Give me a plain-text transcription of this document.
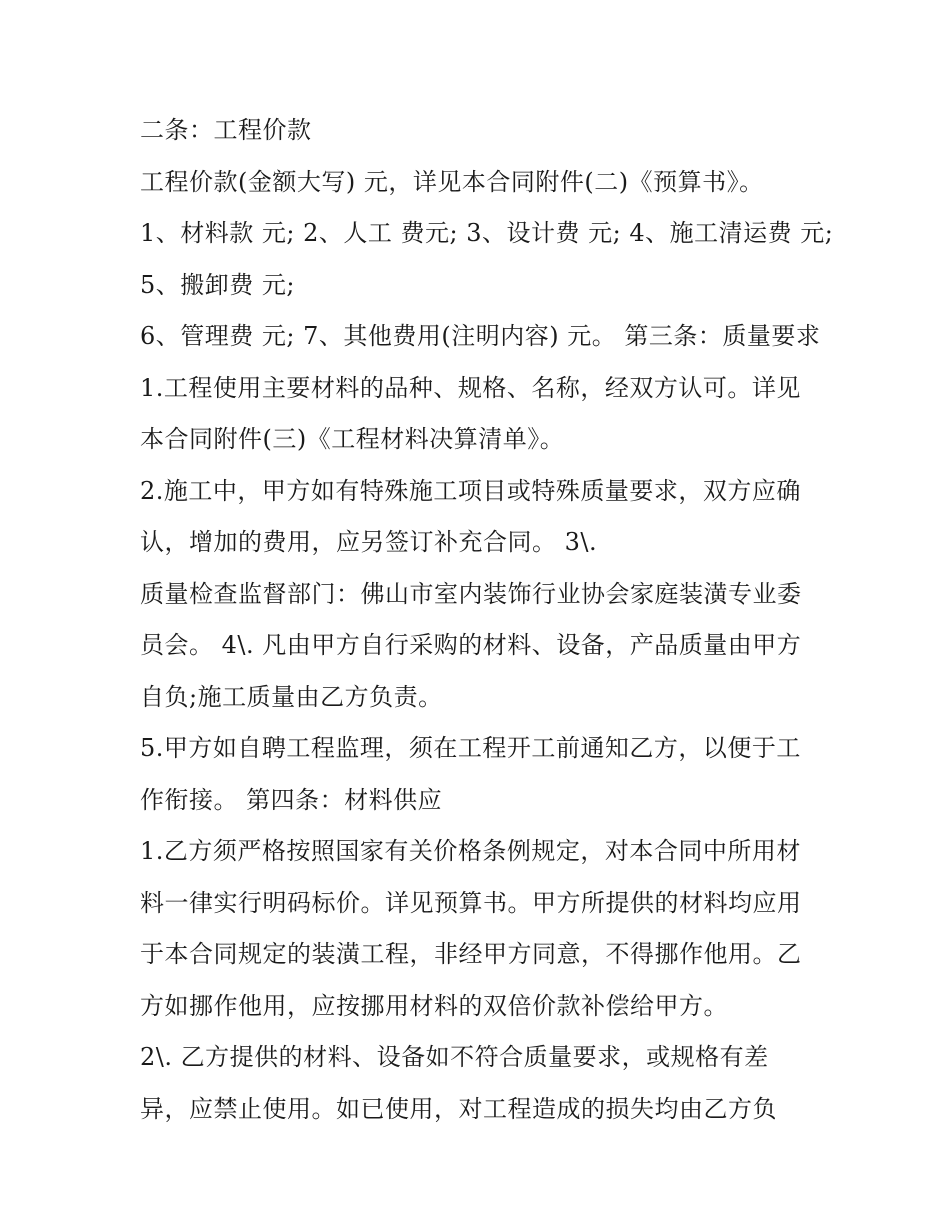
二条：工程价款
工程价款(金额大写) 元，详见本合同附件(二)《预算书》。
1、材料款 元; 2、人工 费元; 3、设计费 元; 4、施工清运费 元;
5、搬卸费 元;
6、管理费 元; 7、其他费用(注明内容) 元。 第三条：质量要求
1.工程使用主要材料的品种、规格、名称，经双方认可。详见
本合同附件(三)《工程材料决算清单》。
2.施工中，甲方如有特殊施工项目或特殊质量要求，双方应确
认，增加的费用，应另签订补充合同。 3\.
质量检查监督部门：佛山市室内装饰行业协会家庭装潢专业委
员会。 4\. 凡由甲方自行采购的材料、设备，产品质量由甲方
自负;施工质量由乙方负责。
5.甲方如自聘工程监理，须在工程开工前通知乙方，以便于工
作衔接。 第四条：材料供应
1.乙方须严格按照国家有关价格条例规定，对本合同中所用材
料一律实行明码标价。详见预算书。甲方所提供的材料均应用
于本合同规定的装潢工程，非经甲方同意，不得挪作他用。乙
方如挪作他用，应按挪用材料的双倍价款补偿给甲方。
2\. 乙方提供的材料、设备如不符合质量要求，或规格有差
异，应禁止使用。如已使用，对工程造成的损失均由乙方负
